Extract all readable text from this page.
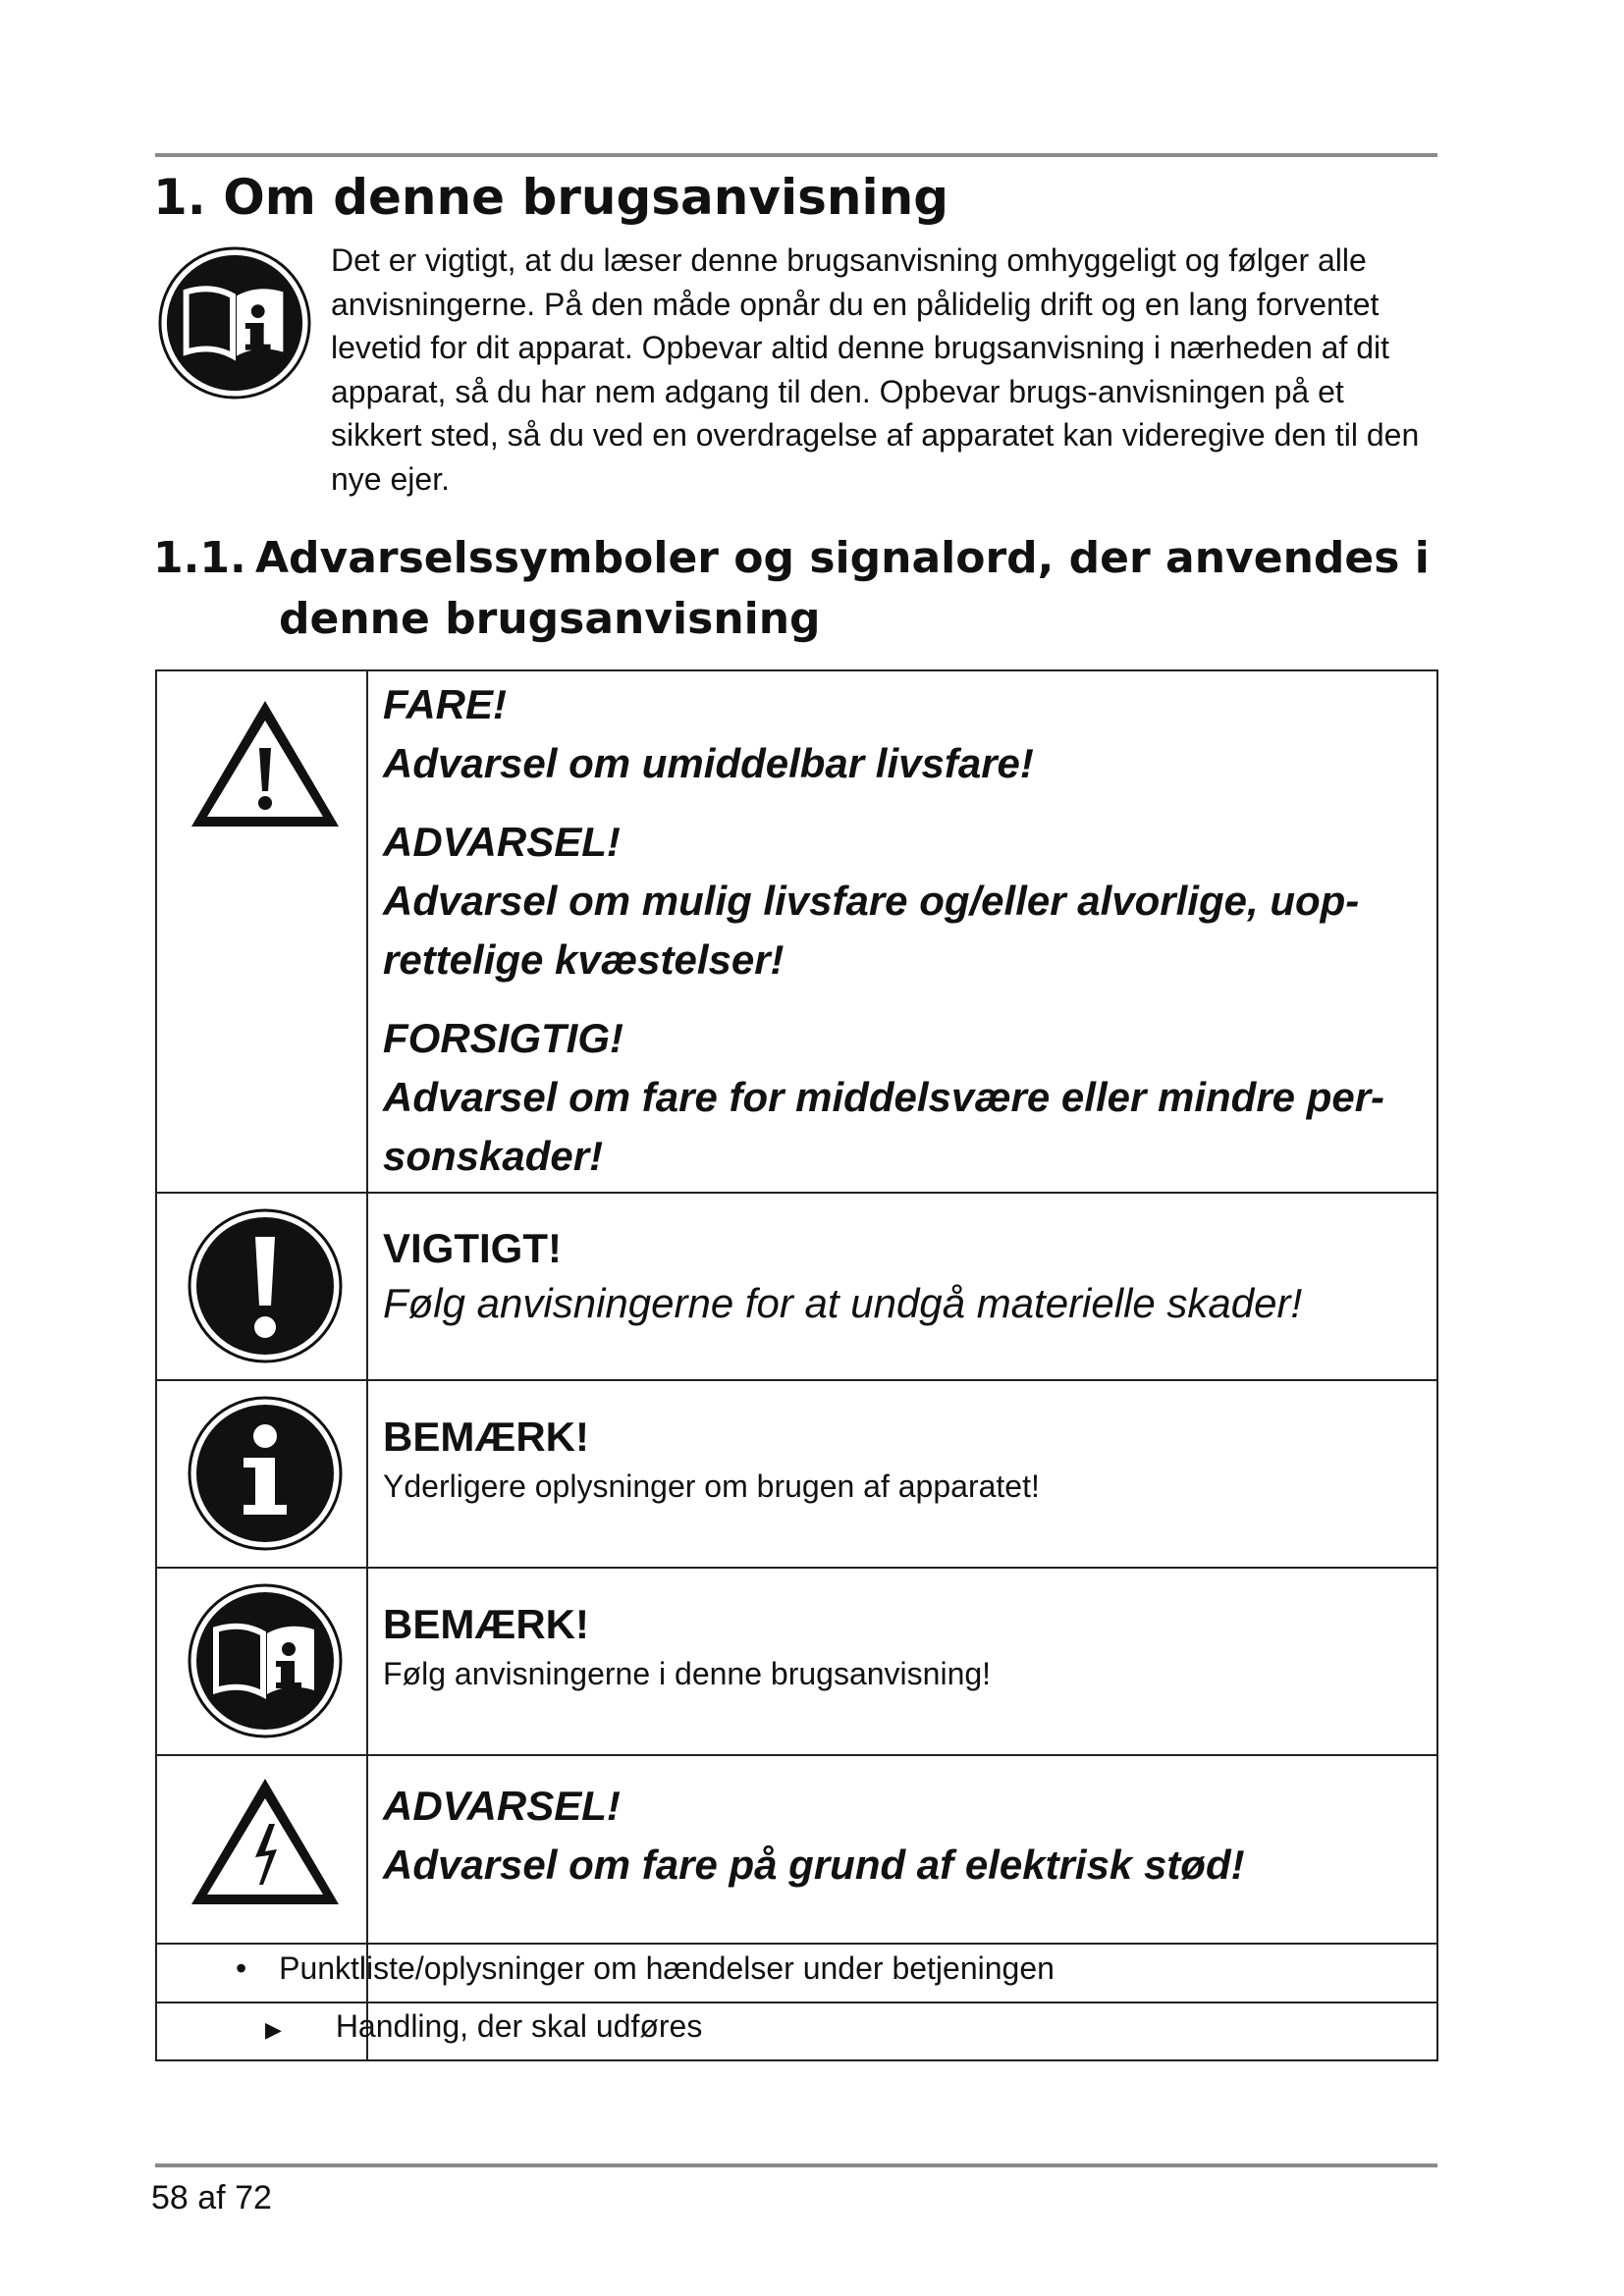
1. Om denne brugsanvisning

Det er vigtigt, at du læser denne brugsanvisning omhyggeligt og følger alle anvisningerne. På den måde opnår du en pålidelig drift og en lang forventet levetid for dit apparat. Opbevar altid denne brugsanvisning i nærheden af dit apparat, så du har nem adgang til den. Opbevar brugs-anvisningen på et sikkert sted, så du ved en overdragelse af apparatet kan videregive den til den nye ejer.

1.1. Advarselssymboler og signalord, der anvendes i
denne brugsanvisning
FARE!
Advarsel om umiddelbar livsfare!
ADVARSEL!
Advarsel om mulig livsfare og/eller alvorlige, uop-rettelige kvæstelser!
FORSIGTIG!
Advarsel om fare for middelsvære eller mindre per-sonskader!
VIGTIGT!
Følg anvisningerne for at undgå materielle skader!
BEMÆRK!
Yderligere oplysninger om brugen af apparatet!
BEMÆRK!
Følg anvisningerne i denne brugsanvisning!
ADVARSEL!
Advarsel om fare på grund af elektrisk stød!
• Punktliste/oplysninger om hændelser under betjeningen
▶ Handling, der skal udføres
58 af 72
